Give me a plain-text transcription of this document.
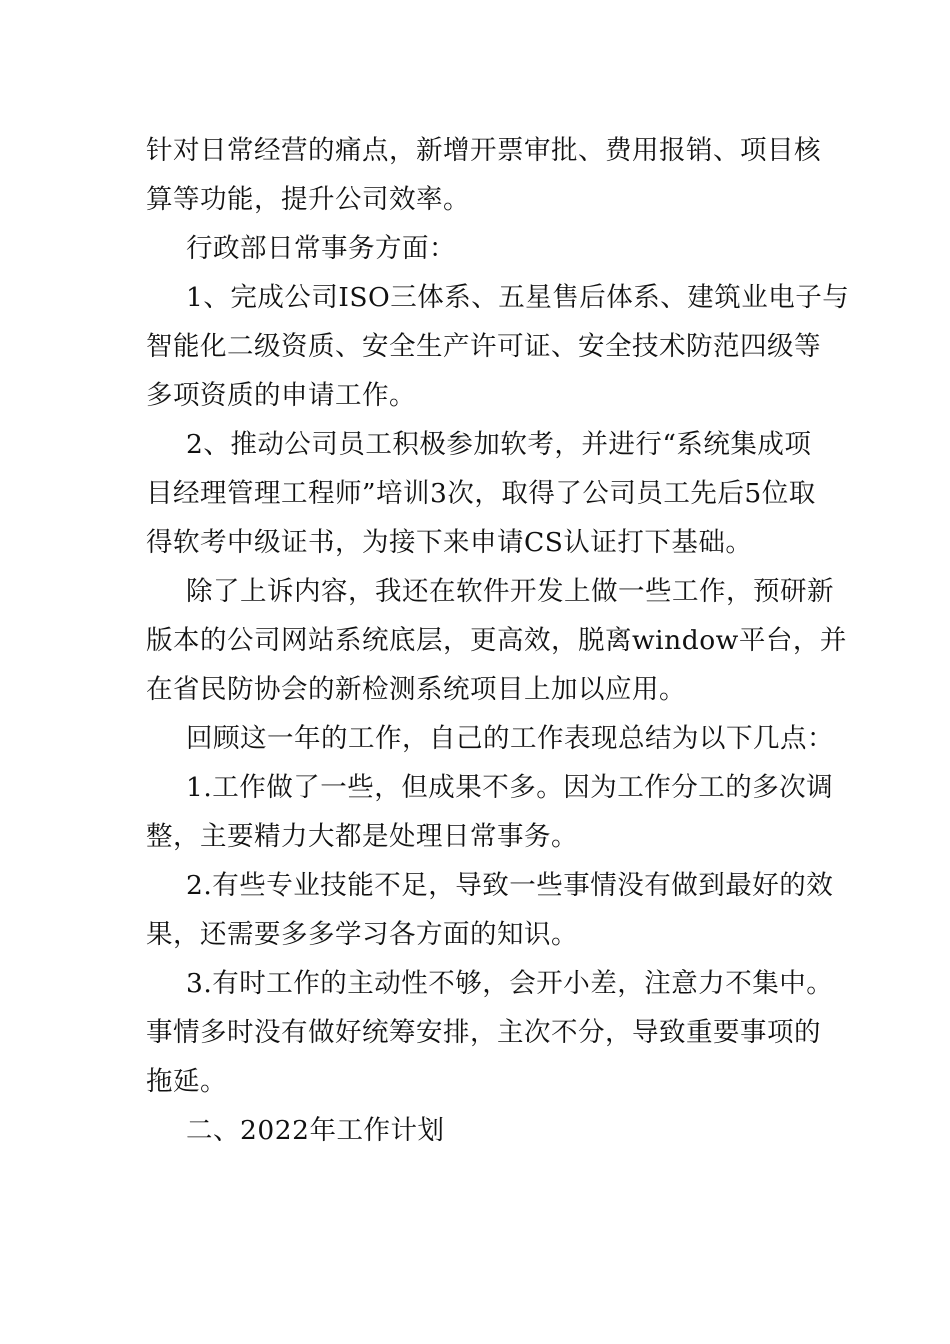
针对日常经营的痛点，新增开票审批、费用报销、项目核
算等功能，提升公司效率。
行政部日常事务方面：
1、完成公司ISO三体系、五星售后体系、建筑业电子与
智能化二级资质、安全生产许可证、安全技术防范四级等
多项资质的申请工作。
2、推动公司员工积极参加软考，并进行“系统集成项
目经理管理工程师”培训3次，取得了公司员工先后5位取
得软考中级证书，为接下来申请CS认证打下基础。
除了上诉内容，我还在软件开发上做一些工作，预研新
版本的公司网站系统底层，更高效，脱离window平台，并
在省民防协会的新检测系统项目上加以应用。
回顾这一年的工作，自己的工作表现总结为以下几点：
1.工作做了一些，但成果不多。因为工作分工的多次调
整，主要精力大都是处理日常事务。
2.有些专业技能不足，导致一些事情没有做到最好的效
果，还需要多多学习各方面的知识。
3.有时工作的主动性不够，会开小差，注意力不集中。
事情多时没有做好统筹安排，主次不分，导致重要事项的
拖延。
二、2022年工作计划
